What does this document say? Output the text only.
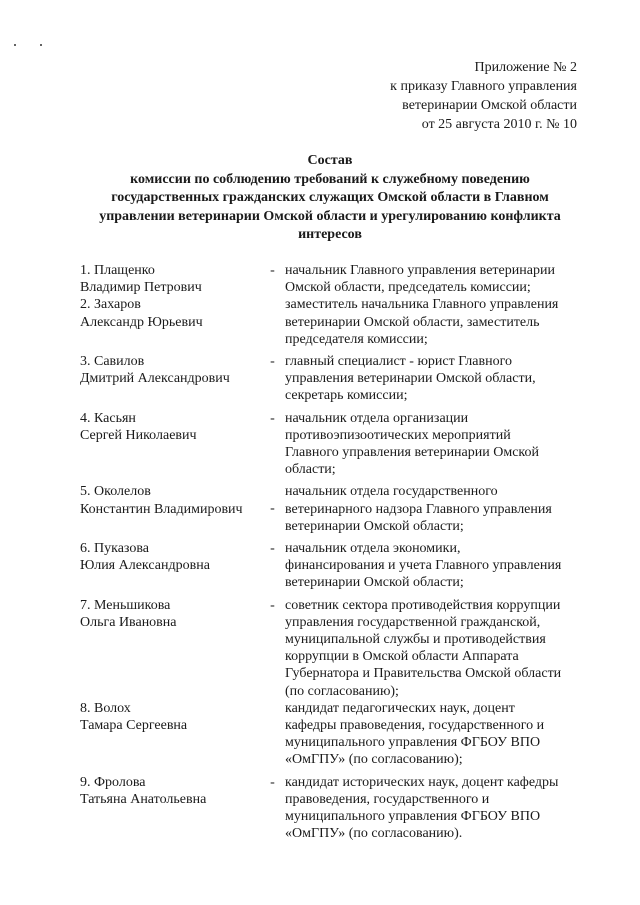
Приложение № 2
к приказу Главного управления
ветеринарии Омской области
от 25 августа 2010 г. № 10
Состав
комиссии по соблюдению требований к служебному поведению
государственных гражданских служащих Омской области в Главном
управлении ветеринарии Омской области и урегулированию конфликта
интересов
1. Плащенко
Владимир Петрович
- начальник Главного управления ветеринарии
Омской области, председатель комиссии;
2. Захаров
Александр Юрьевич
заместитель начальника Главного управления
ветеринарии Омской области, заместитель
председателя комиссии;
3. Савилов
Дмитрий Александрович
- главный специалист - юрист Главного
управления ветеринарии Омской области,
секретарь комиссии;
4. Касьян
Сергей Николаевич
- начальник отдела организации
противоэпизоотических мероприятий
Главного управления ветеринарии Омской
области;
5. Околелов
Константин Владимирович	-
начальник отдела государственного
ветеринарного надзора Главного управления
ветеринарии Омской области;
6. Пуказова
Юлия Александровна
- начальник отдела экономики,
финансирования и учета Главного управления
ветеринарии Омской области;
7. Меньшикова
Ольга Ивановна
- советник сектора противодействия коррупции
управления государственной гражданской,
муниципальной службы и противодействия
коррупции в Омской области Аппарата
Губернатора и Правительства Омской области
(по согласованию);
8. Волох
Тамара Сергеевна
кандидат педагогических наук, доцент
кафедры правоведения, государственного и
муниципального управления ФГБОУ ВПО
«ОмГПУ» (по согласованию);
9. Фролова
Татьяна Анатольевна
- кандидат исторических наук, доцент кафедры
правоведения, государственного и
муниципального управления ФГБОУ ВПО
«ОмГПУ» (по согласованию).
